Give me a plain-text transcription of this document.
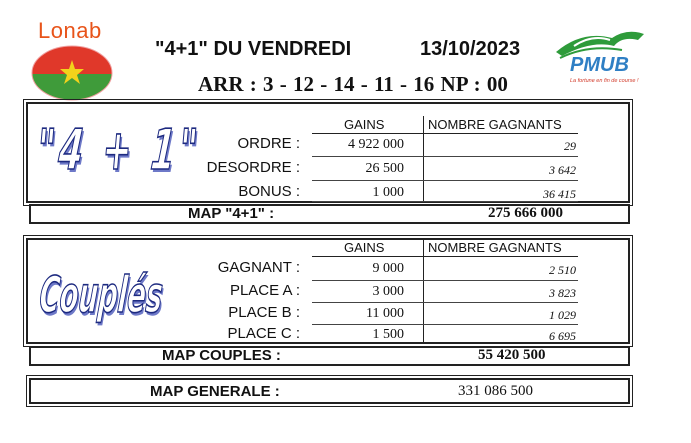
Lonab
"4+1" DU VENDREDI	13/10/2023
ARR : 3 - 12 - 14 - 11 - 16 NP : 00
PMUB
La fortune en fin de course !
"4 + 1"	GAINS	NOMBRE GAGNANTS
ORDRE :	4 922 000	29
DESORDRE :	26 500	3 642
BONUS :	1 000	36 415
MAP "4+1" :	275 666 000
Couplés
GAINS	NOMBRE GAGNANTS
GAGNANT :	9 000	2 510
PLACE A :	3 000	3 823
PLACE B :	11 000	1 029
PLACE C :	1 500	6 695
MAP COUPLES :	55 420 500
MAP GENERALE :	331 086 500
